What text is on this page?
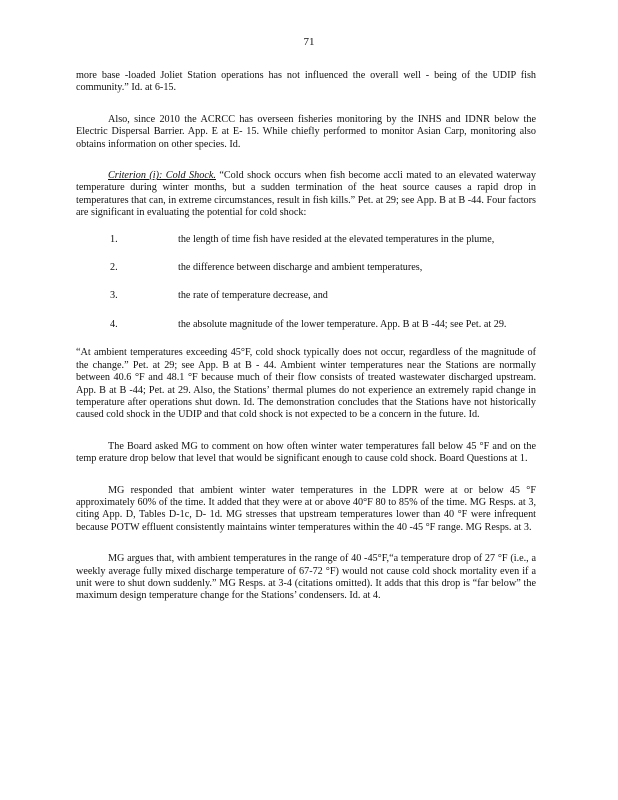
71

more base -loaded Joliet Station operations has not influenced the overall well - being of the UDIP fish community.” Id. at 6-15.

Also, since 2010 the ACRCC has overseen fisheries monitoring by the INHS and IDNR below the Electric Dispersal Barrier. App. E at E- 15. While chiefly performed to monitor Asian Carp, monitoring also obtains information on other species. Id.

Criterion (i): Cold Shock. “Cold shock occurs when fish become accli mated to an elevated waterway temperature during winter months, but a sudden termination of the heat source causes a rapid drop in temperatures that can, in extreme circumstances, result in fish kills.” Pet. at 29; see App. B at B -44. Four factors are significant in evaluating the potential for cold shock:

1.	the length of time fish have resided at the elevated temperatures in the plume,
2.	the difference between discharge and ambient temperatures,
3.	the rate of temperature decrease, and
4.	the absolute magnitude of the lower temperature. App. B at B -44; see Pet. at 29.

“At ambient temperatures exceeding 45°F, cold shock typically does not occur, regardless of the magnitude of the change.” Pet. at 29; see App. B at B - 44. Ambient winter temperatures near the Stations are normally between 40.6 °F and 48.1 °F because much of their flow consists of treated wastewater discharged upstream. App. B at B -44; Pet. at 29. Also, the Stations’ thermal plumes do not experience an extremely rapid change in temperature after operations shut down. Id. The demonstration concludes that the Stations have not historically caused cold shock in the UDIP and that cold shock is not expected to be a concern in the future. Id.

The Board asked MG to comment on how often winter water temperatures fall below 45 °F and on the temp erature drop below that level that would be significant enough to cause cold shock. Board Questions at 1.

MG responded that ambient winter water temperatures in the LDPR were at or below 45 °F approximately 60% of the time. It added that they were at or above 40°F 80 to 85% of the time. MG Resps. at 3, citing App. D, Tables D-1c, D- 1d. MG stresses that upstream temperatures lower than 40 °F were infrequent because POTW effluent consistently maintains winter temperatures within the 40 -45 °F range. MG Resps. at 3.

MG argues that, with ambient temperatures in the range of 40 -45°F,“a temperature drop of 27 °F (i.e., a weekly average fully mixed discharge temperature of 67-72 °F) would not cause cold shock mortality even if a unit were to shut down suddenly.” MG Resps. at 3-4 (citations omitted). It adds that this drop is “far below” the maximum design temperature change for the Stations’ condensers. Id. at 4.
